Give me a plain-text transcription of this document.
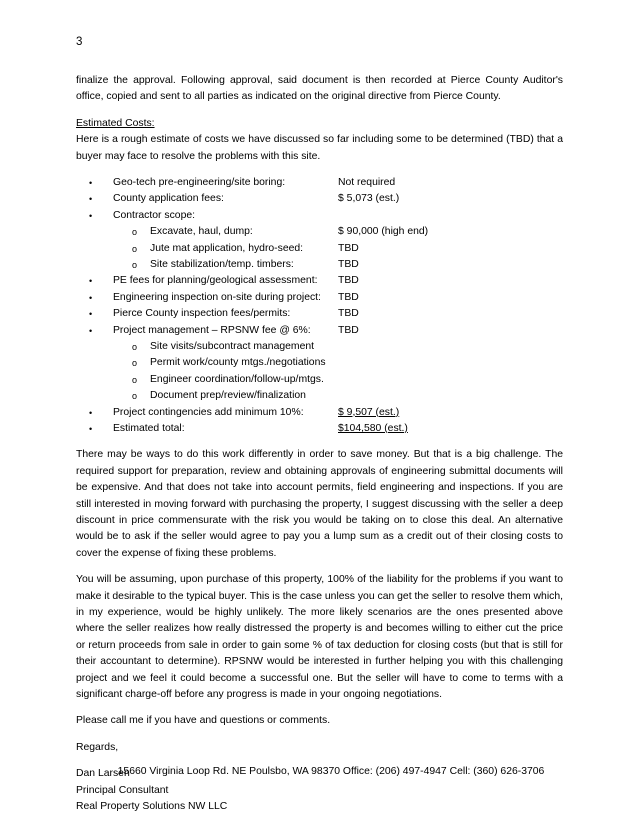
3

finalize the approval. Following approval, said document is then recorded at Pierce County Auditor's office, copied and sent to all parties as indicated on the original directive from Pierce County.

Estimated Costs:

Here is a rough estimate of costs we have discussed so far including some to be determined (TBD) that a buyer may face to resolve the problems with this site.

• Geo-tech pre-engineering/site boring:	Not required
• County application fees:	$ 5,073 (est.)
• Contractor scope:
o Excavate, haul, dump:	$ 90,000 (high end)
o Jute mat application, hydro-seed:	TBD
o Site stabilization/temp. timbers:	TBD
• PE fees for planning/geological assessment: TBD
• Engineering inspection on-site during project: TBD
• Pierce County inspection fees/permits:	TBD
• Project management – RPSNW fee @ 6%:	TBD
o Site visits/subcontract management
o Permit work/county mtgs./negotiations
o Engineer coordination/follow-up/mtgs.
o Document prep/review/finalization
• Project contingencies add minimum 10%:	$ 9,507 (est.)
• Estimated total:	$104,580 (est.)

There may be ways to do this work differently in order to save money. But that is a big challenge. The required support for preparation, review and obtaining approvals of engineering submittal documents will be expensive. And that does not take into account permits, field engineering and inspections. If you are still interested in moving forward with purchasing the property, I suggest discussing with the seller a deep discount in price commensurate with the risk you would be taking on to close this deal. An alternative would be to ask if the seller would agree to pay you a lump sum as a credit out of their closing costs to cover the expense of fixing these problems.

You will be assuming, upon purchase of this property, 100% of the liability for the problems if you want to make it desirable to the typical buyer. This is the case unless you can get the seller to resolve them which, in my experience, would be highly unlikely. The more likely scenarios are the ones presented above where the seller realizes how really distressed the property is and becomes willing to either cut the price or return proceeds from sale in order to gain some % of tax deduction for closing costs (but that is still for their accountant to determine). RPSNW would be interested in further helping you with this challenging project and we feel it could become a successful one. But the seller will have to come to terms with a significant charge-off before any progress is made in your ongoing negotiations.

Please call me if you have and questions or comments.

Regards,

Dan Larsen

Principal Consultant

Real Property Solutions NW LLC

15660 Virginia Loop Rd. NE Poulsbo, WA 98370 Office: (206) 497-4947 Cell: (360) 626-3706
